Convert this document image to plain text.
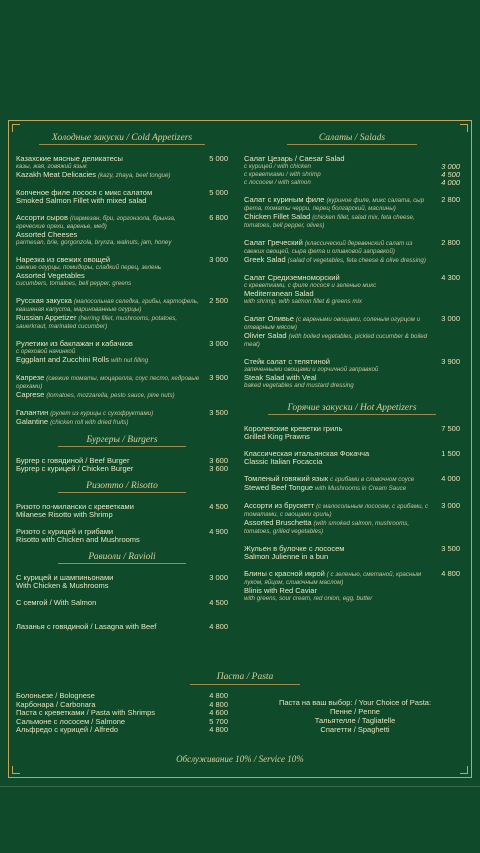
Холодные закуски / Cold Appetizers
Казахские мясные деликатесы
казы, жая, говяжий язык
Kazakh Meat Delicacies (kazy, zhaya, beef tongue)
5 000
Копченое филе лосося с микс салатом
Smoked Salmon Fillet with mixed salad
5 000
Ассорти сыров (пармезан, бри, горгонзола, брынза, греческие орехи, варенье, мед)
Assorted Cheeses
parmesan, brie, gorgonzola, brynza, walnuts, jam, honey
6 800
Нарезка из свежих овощей
свежие огурцы, помидоры, сладкий перец, зелень
Assorted Vegetables
cucumbers, tomatoes, bell pepper, greens
3 000
Русская закуска (малосольная селедка, грибы, картофель, квашеная капуста, маринованные огурцы)
Russian Appetizer (herring fillet, mushrooms, potatoes, sauerkraut, marinated cucumber)
2 500
Рулетики из баклажан и кабачков
с ореховой начинкой
Eggplant and Zucchini Rolls with nut filling
3 000
Капрезе (свежие томаты, моцарелла, соус песто, кедровые орехами)
Caprese (tomatoes, mozzarella, pesto sauce, pine nuts)
3 900
Галантин (рулет из курицы с сухофруктами)
Galantine (chicken roll with dried fruits)
3 500
Бургеры / Burgers
Бургер с говядиной / Beef Burger	3 600
Бургер с курицей / Chicken Burger	3 600
Ризотто / Risotto
Ризото по-милански с креветками
Milanese Risotto with Shrimp
4 500
Ризото с курицей и грибами
Risotto with Chicken and Mushrooms
4 900
Равиоли / Ravioli
С курицей и шампиньонами
With Chicken & Mushrooms
3 000
С семгой / With Salmon	4 500
Лазанья с говядиной / Lasagna with Beef	4 800
Салаты / Salads
Салат Цезарь / Caesar Salad
с курицей / with chicken	3 000
с креветками / with shrimp	4 500
с лососем / with salmon	4 000
Салат с куриным филе (куриное филе, микс салата, сыр фета, томаты черри, перец болгарский, маслины)
Chicken Fillet Salad (chicken fillet, salad mix, feta cheese, tomatoes, bell pepper, olives)
2 800
Салат Греческий (классический деревенский салат из свежих овощей, сыра фета и оливковой заправкой)
Greek Salad (salad of vegetables, feta cheese & olive dressing)
2 800
Салат Средиземноморский
с креветками, с филе лосося и зеленью микс
Mediterranean Salad
with shrimp, with salmon fillet & greens mix
4 300
Салат Оливье (с вареными овощами, соленым огурцом и отварным мясом)
Olivier Salad (with boiled vegetables, pickled cucumber & boiled meat)
3 000
Стейк салат с телятиной
запеченными овощами и горчичной заправкой
Steak Salad with Veal
baked vegetables and mustard dressing
3 900
Горячие закуски / Hot Appetizers
Королевские креветки гриль
Grilled King Prawns
7 500
Классическая итальянская Фокачча
Classic Italian Focaccia
1 500
Томленый говяжий язык с грибами в сливочном соусе
Stewed Beef Tongue with Mushrooms in Cream Sauce
4 000
Ассорти из брускетт (с малосольным лососем, с грибами, с томатами, с овощами гриль)
Assorted Bruschetta (with smoked salmon, mushrooms, tomatoes, grilled vegetables)
3 000
Жульен в булочке с лососем
Salmon Julienne in a bun
3 500
Блины с красной икрой ( с зеленью, сметаной, красным луком, яйцом, сливочным маслом)
Blinis with Red Caviar
with greens, sour cream, red onion, egg, butter
4 800
Паста / Pasta
Болоньезе / Bolognese	4 800
Карбонара / Carbonara	4 800
Паста с креветками / Pasta with Shrimps	4 600
Сальмоне с лососем / Salmone	5 700
Альфредо с курицей / Alfredo	4 800
Паста на ваш выбор: / Your Choice of Pasta:
Пенне / Penne
Тальятелле / Tagliatelle
Спагетти / Spaghetti
Обслуживание 10% / Service 10%
